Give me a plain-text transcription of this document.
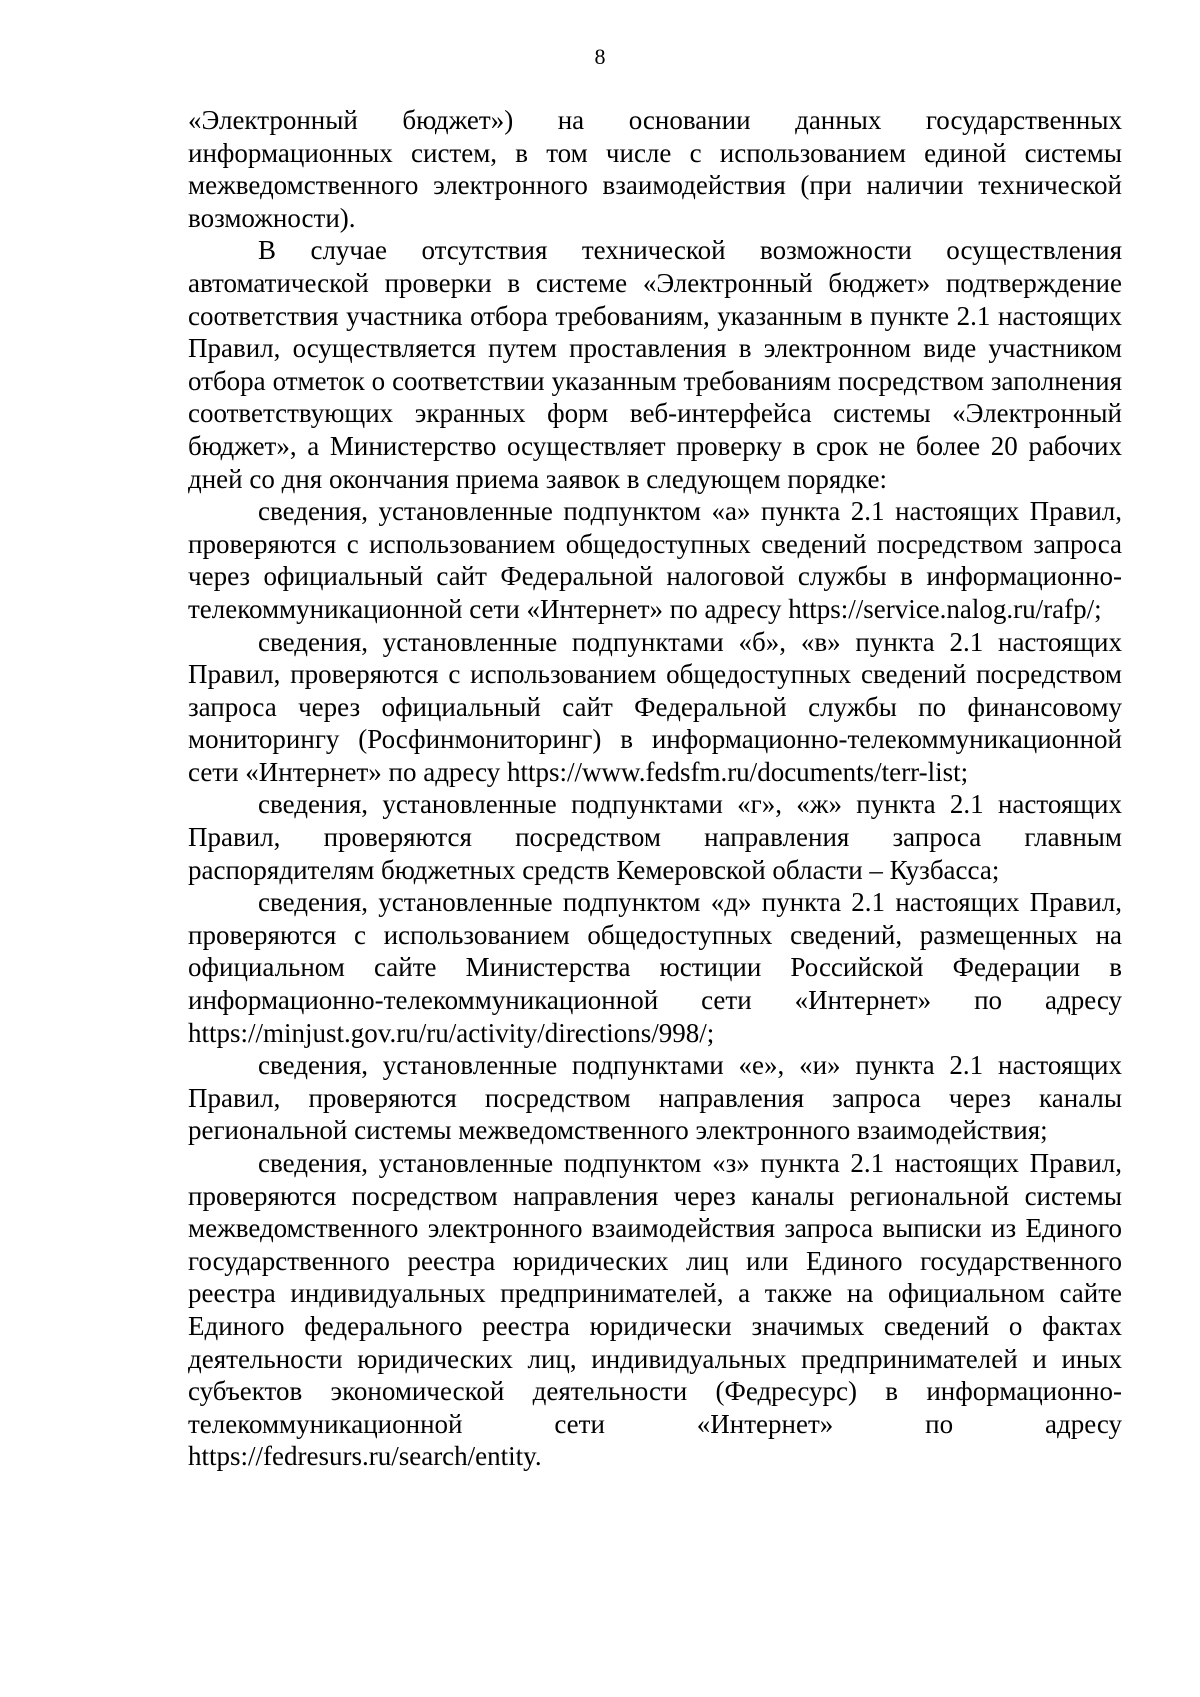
8

«Электронный бюджет») на основании данных государственных информационных систем, в том числе с использованием единой системы межведомственного электронного взаимодействия (при наличии технической возможности).

В случае отсутствия технической возможности осуществления автоматической проверки в системе «Электронный бюджет» подтверждение соответствия участника отбора требованиям, указанным в пункте 2.1 настоящих Правил, осуществляется путем проставления в электронном виде участником отбора отметок о соответствии указанным требованиям посредством заполнения соответствующих экранных форм веб-интерфейса системы «Электронный бюджет», а Министерство осуществляет проверку в срок не более 20 рабочих дней со дня окончания приема заявок в следующем порядке:

сведения, установленные подпунктом «а» пункта 2.1 настоящих Правил, проверяются с использованием общедоступных сведений посредством запроса через официальный сайт Федеральной налоговой службы в информационно-телекоммуникационной сети «Интернет» по адресу https://service.nalog.ru/rafp/;

сведения, установленные подпунктами «б», «в» пункта 2.1 настоящих Правил, проверяются с использованием общедоступных сведений посредством запроса через официальный сайт Федеральной службы по финансовому мониторингу (Росфинмониторинг) в информационно-телекоммуникационной сети «Интернет» по адресу https://www.fedsfm.ru/documents/terr-list;

сведения, установленные подпунктами «г», «ж» пункта 2.1 настоящих Правил, проверяются посредством направления запроса главным распорядителям бюджетных средств Кемеровской области – Кузбасса;

сведения, установленные подпунктом «д» пункта 2.1 настоящих Правил, проверяются с использованием общедоступных сведений, размещенных на официальном сайте Министерства юстиции Российской Федерации в информационно-телекоммуникационной сети «Интернет» по адресу https://minjust.gov.ru/ru/activity/directions/998/;

сведения, установленные подпунктами «е», «и» пункта 2.1 настоящих Правил, проверяются посредством направления запроса через каналы региональной системы межведомственного электронного взаимодействия;

сведения, установленные подпунктом «з» пункта 2.1 настоящих Правил, проверяются посредством направления через каналы региональной системы межведомственного электронного взаимодействия запроса выписки из Единого государственного реестра юридических лиц или Единого государственного реестра индивидуальных предпринимателей, а также на официальном сайте Единого федерального реестра юридически значимых сведений о фактах деятельности юридических лиц, индивидуальных предпринимателей и иных субъектов экономической деятельности (Федресурс) в информационно-телекоммуникационной сети «Интернет» по адресу https://fedresurs.ru/search/entity.
